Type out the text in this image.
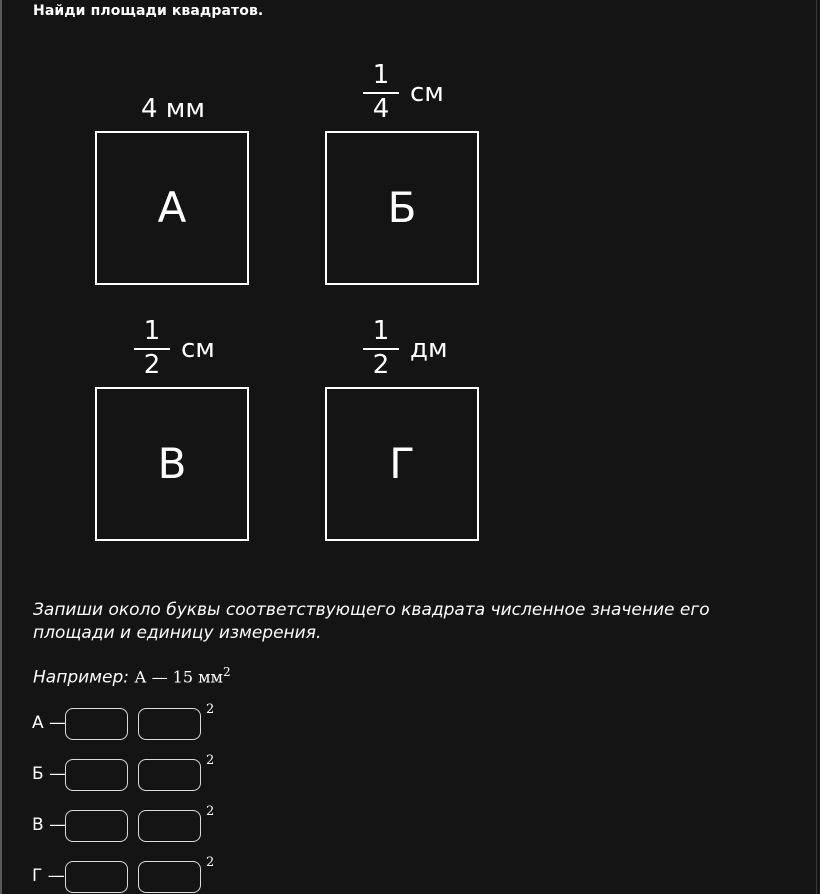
Найди площади квадратов.
4 мм
А
1
4
см
Б
1
2
см
В
1
2
дм
Г
Запиши около буквы соответствующего квадрата численное значение его площади и единицу измерения.
Например: А — 15 $мм^2$
А —
2
Б —
2
В —
2
Г —
2
